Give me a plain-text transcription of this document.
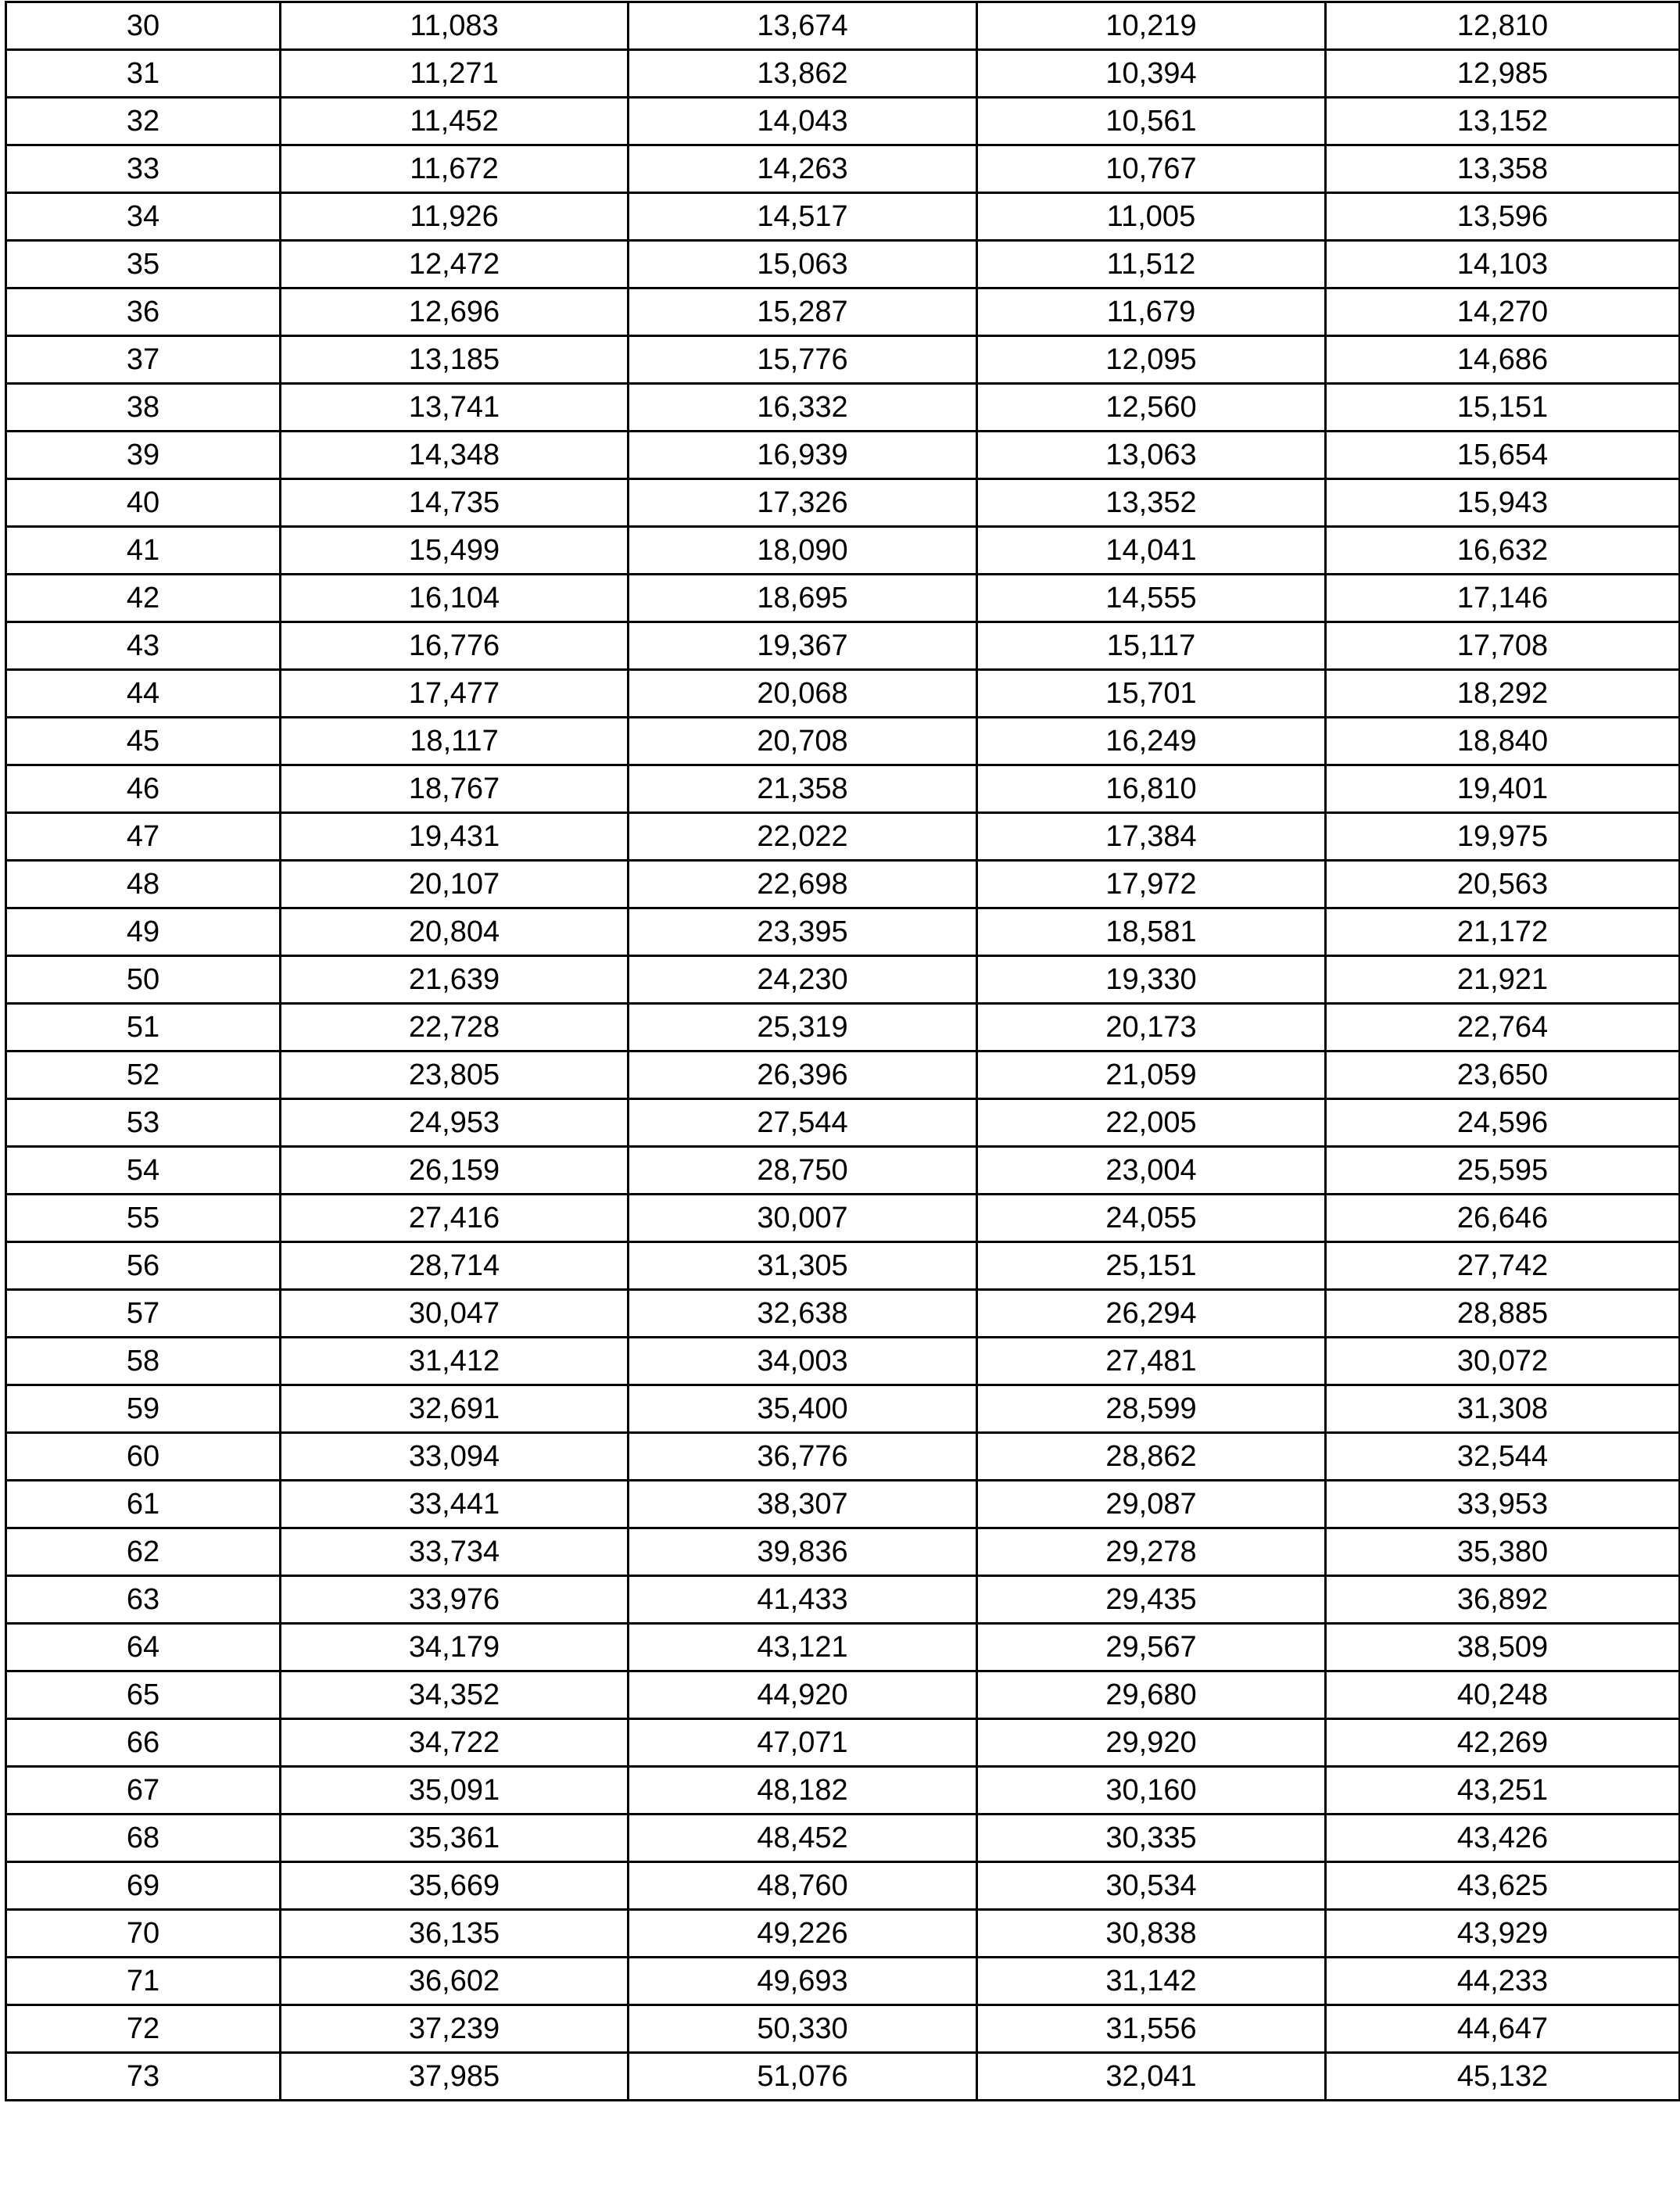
30	11,083	13,674	10,219	12,810
31	11,271	13,862	10,394	12,985
32	11,452	14,043	10,561	13,152
33	11,672	14,263	10,767	13,358
34	11,926	14,517	11,005	13,596
35	12,472	15,063	11,512	14,103
36	12,696	15,287	11,679	14,270
37	13,185	15,776	12,095	14,686
38	13,741	16,332	12,560	15,151
39	14,348	16,939	13,063	15,654
40	14,735	17,326	13,352	15,943
41	15,499	18,090	14,041	16,632
42	16,104	18,695	14,555	17,146
43	16,776	19,367	15,117	17,708
44	17,477	20,068	15,701	18,292
45	18,117	20,708	16,249	18,840
46	18,767	21,358	16,810	19,401
47	19,431	22,022	17,384	19,975
48	20,107	22,698	17,972	20,563
49	20,804	23,395	18,581	21,172
50	21,639	24,230	19,330	21,921
51	22,728	25,319	20,173	22,764
52	23,805	26,396	21,059	23,650
53	24,953	27,544	22,005	24,596
54	26,159	28,750	23,004	25,595
55	27,416	30,007	24,055	26,646
56	28,714	31,305	25,151	27,742
57	30,047	32,638	26,294	28,885
58	31,412	34,003	27,481	30,072
59	32,691	35,400	28,599	31,308
60	33,094	36,776	28,862	32,544
61	33,441	38,307	29,087	33,953
62	33,734	39,836	29,278	35,380
63	33,976	41,433	29,435	36,892
64	34,179	43,121	29,567	38,509
65	34,352	44,920	29,680	40,248
66	34,722	47,071	29,920	42,269
67	35,091	48,182	30,160	43,251
68	35,361	48,452	30,335	43,426
69	35,669	48,760	30,534	43,625
70	36,135	49,226	30,838	43,929
71	36,602	49,693	31,142	44,233
72	37,239	50,330	31,556	44,647
73	37,985	51,076	32,041	45,132
